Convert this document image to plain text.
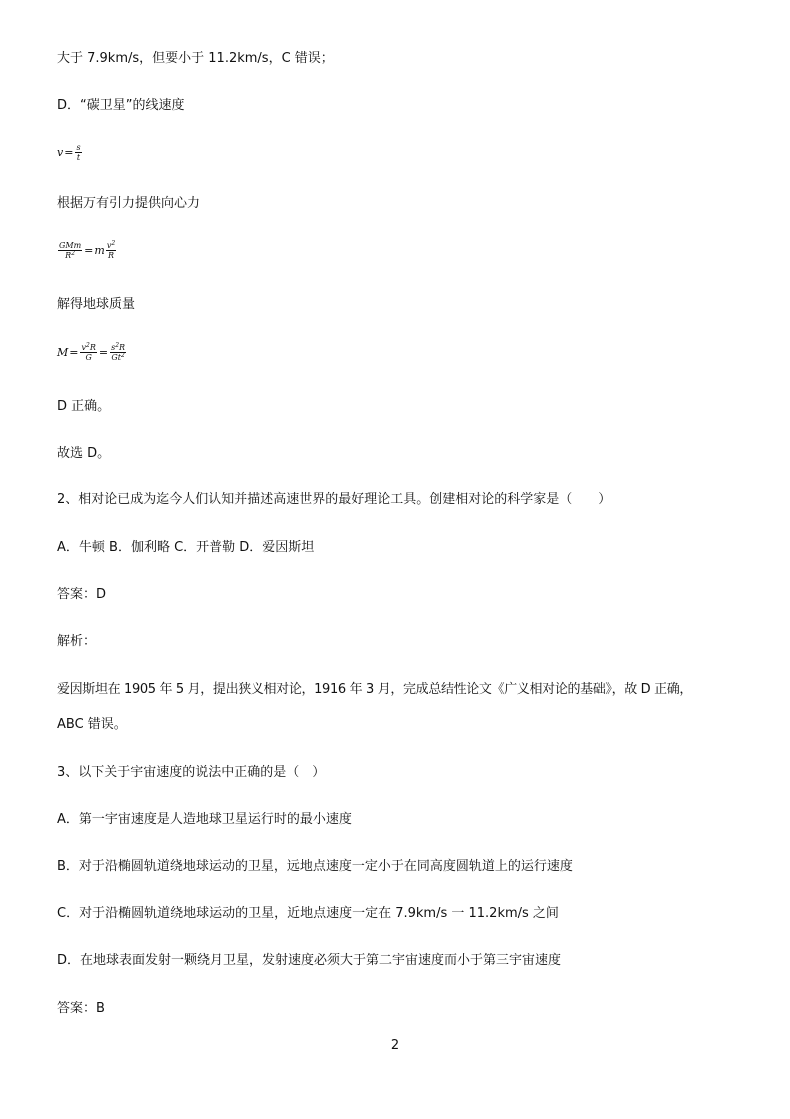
大于 7.9km/s，但要小于 11.2km/s，C 错误；
D．“碳卫星”的线速度
$v= \frac{s}{t}$
根据万有引力提供向心力
$\frac{\text{GMm}}{R^2} =m \frac{v^2}{R}$
解得地球质量
$M= \frac{v^2R}{G} = \frac{s^2R}{Gt^2}$
D 正确。
故选 D。
2、相对论已成为迄今人们认知并描述高速世界的最好理论工具。创建相对论的科学家是（　　）
A．牛顿 B．伽利略 C．开普勒 D．爱因斯坦
答案：D
解析：
爱因斯坦在 1905 年 5 月，提出狭义相对论，1916 年 3 月，完成总结性论文《广义相对论的基础》，故 D 正确，
ABC 错误。
3、以下关于宇宙速度的说法中正确的是（　）
A．第一宇宙速度是人造地球卫星运行时的最小速度
B．对于沿椭圆轨道绕地球运动的卫星，远地点速度一定小于在同高度圆轨道上的运行速度
C．对于沿椭圆轨道绕地球运动的卫星，近地点速度一定在 7.9km/s 一 11.2km/s 之间
D．在地球表面发射一颗绕月卫星，发射速度必须大于第二宇宙速度而小于第三宇宙速度
答案：B
2
